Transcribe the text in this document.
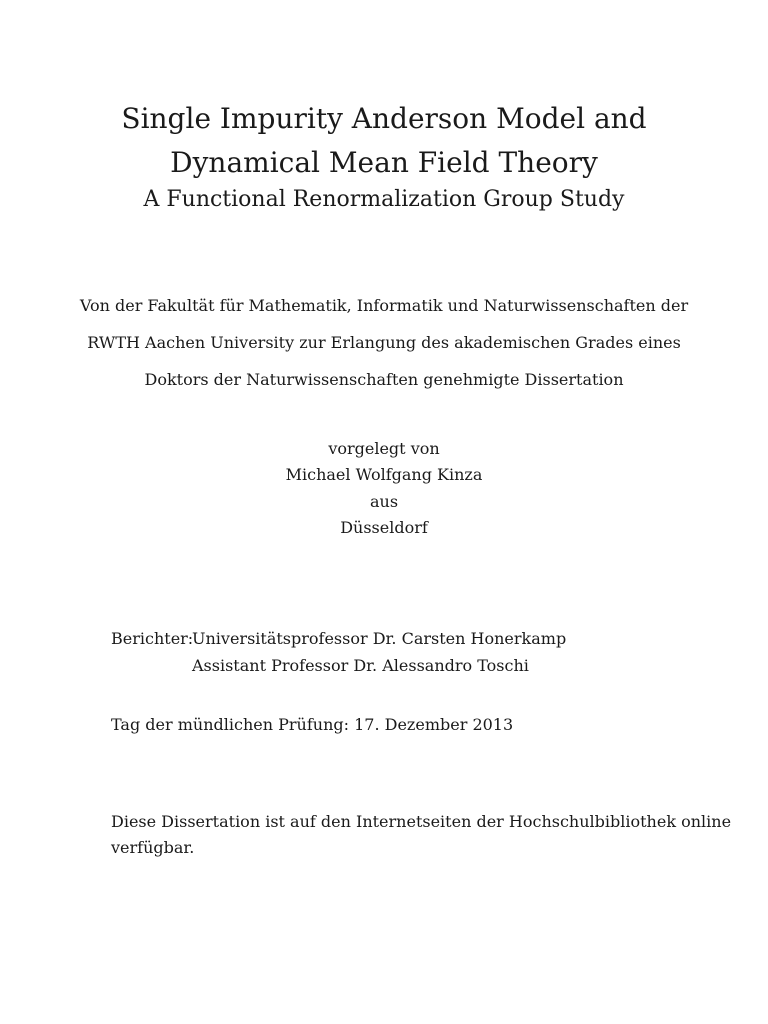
Single Impurity Anderson Model and
Dynamical Mean Field Theory
A Functional Renormalization Group Study
Von der Fakultät für Mathematik, Informatik und Naturwissenschaften der
RWTH Aachen University zur Erlangung des akademischen Grades eines
Doktors der Naturwissenschaften genehmigte Dissertation
vorgelegt von
Michael Wolfgang Kinza
aus
Düsseldorf
Berichter:
Universitätsprofessor Dr. Carsten Honerkamp
Assistant Professor Dr. Alessandro Toschi
Tag der mündlichen Prüfung: 17. Dezember 2013
Diese Dissertation ist auf den Internetseiten der Hochschulbibliothek online
verfügbar.
